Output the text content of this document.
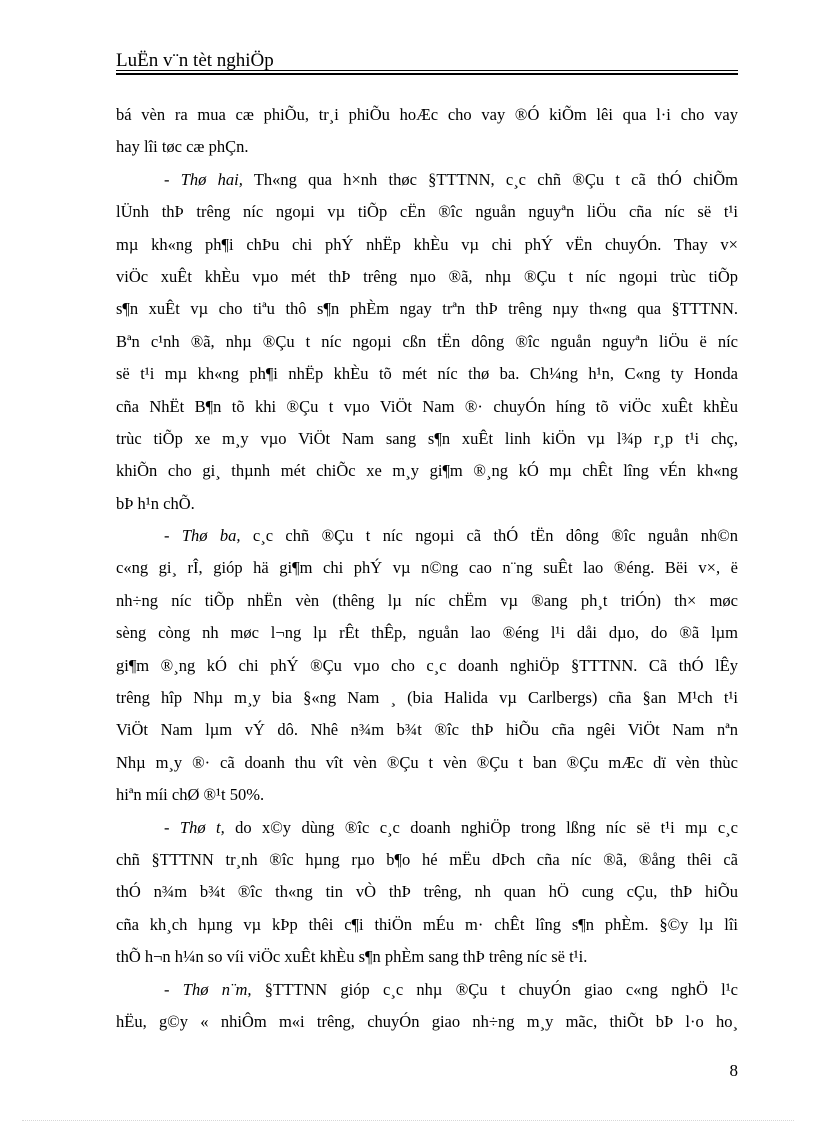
LuËn v¨n tèt nghiÖp
bá vèn ra mua cæ phiÕu, tr¸i phiÕu hoÆc cho vay ®Ó kiÕm lêi qua l·i cho vay
hay lîi tøc cæ phÇn.
- Thø hai, Th«ng qua h×nh thøc §TTTNN, c¸c chñ ®Çu t cã thÓ chiÕm
lÜnh thÞ trêng níc ngoµi vµ tiÕp cËn ®îc nguån nguyªn liÖu cña níc së t¹i
mµ kh«ng ph¶i chÞu chi phÝ nhËp khÈu vµ chi phÝ vËn chuyÓn. Thay v×
viÖc xuÊt khÈu vµo mét thÞ trêng nµo ®ã, nhµ ®Çu t níc ngoµi trùc tiÕp
s¶n xuÊt vµ cho tiªu thô s¶n phÈm ngay trªn thÞ trêng nµy th«ng qua §TTTNN.
Bªn c¹nh ®ã, nhµ ®Çu t níc ngoµi cßn tËn dông ®îc nguån nguyªn liÖu ë níc
së t¹i mµ kh«ng ph¶i nhËp khÈu tõ mét níc thø ba. Ch¼ng h¹n, C«ng ty Honda
cña NhËt B¶n tõ khi ®Çu t vµo ViÖt Nam ®· chuyÓn híng tõ viÖc xuÊt khÈu
trùc tiÕp xe m¸y vµo ViÖt Nam sang s¶n xuÊt linh kiÖn vµ l¾p r¸p t¹i chç,
khiÕn cho gi¸ thµnh mét chiÕc xe m¸y gi¶m ®¸ng kÓ mµ chÊt lîng vÉn kh«ng
bÞ h¹n chÕ.
- Thø ba, c¸c chñ ®Çu t níc ngoµi cã thÓ tËn dông ®îc nguån nh©n
c«ng gi¸ rÎ, gióp hä gi¶m chi phÝ vµ n©ng cao n¨ng suÊt lao ®éng. Bëi v×, ë
nh÷ng níc tiÕp nhËn vèn (thêng lµ níc chËm vµ ®ang ph¸t triÓn) th× møc
sèng còng nh møc l¬ng lµ rÊt thÊp, nguån lao ®éng l¹i dåi dµo, do ®ã lµm
gi¶m ®¸ng kÓ chi phÝ ®Çu vµo cho c¸c doanh nghiÖp §TTTNN. Cã thÓ lÊy
trêng hîp Nhµ m¸y bia §«ng Nam ¸ (bia Halida vµ Carlbergs) cña §an M¹ch t¹i
ViÖt Nam lµm vÝ dô. Nhê n¾m b¾t ®îc thÞ hiÕu cña ngêi ViÖt Nam nªn
Nhµ m¸y ®· cã doanh thu vît vèn ®Çu t vèn ®Çu t ban ®Çu mÆc dï vèn thùc
hiªn míi chØ ®¹t 50%.
- Thø t, do x©y dùng ®îc c¸c doanh nghiÖp trong lßng níc së t¹i mµ c¸c
chñ §TTTNN tr¸nh ®îc hµng rµo b¶o hé mËu dÞch cña níc ®ã, ®ång thêi cã
thÓ n¾m b¾t ®îc th«ng tin vÒ thÞ trêng, nh quan hÖ cung cÇu, thÞ hiÕu
cña kh¸ch hµng vµ kÞp thêi c¶i thiÖn mÉu m· chÊt lîng s¶n phÈm. §©y lµ lîi
thÕ h¬n h¼n so víi viÖc xuÊt khÈu s¶n phÈm sang thÞ trêng níc së t¹i.
- Thø n¨m, §TTTNN gióp c¸c nhµ ®Çu t chuyÓn giao c«ng nghÖ l¹c
hËu, g©y « nhiÔm m«i trêng, chuyÓn giao nh÷ng m¸y mãc, thiÕt bÞ l·o ho¸
8
